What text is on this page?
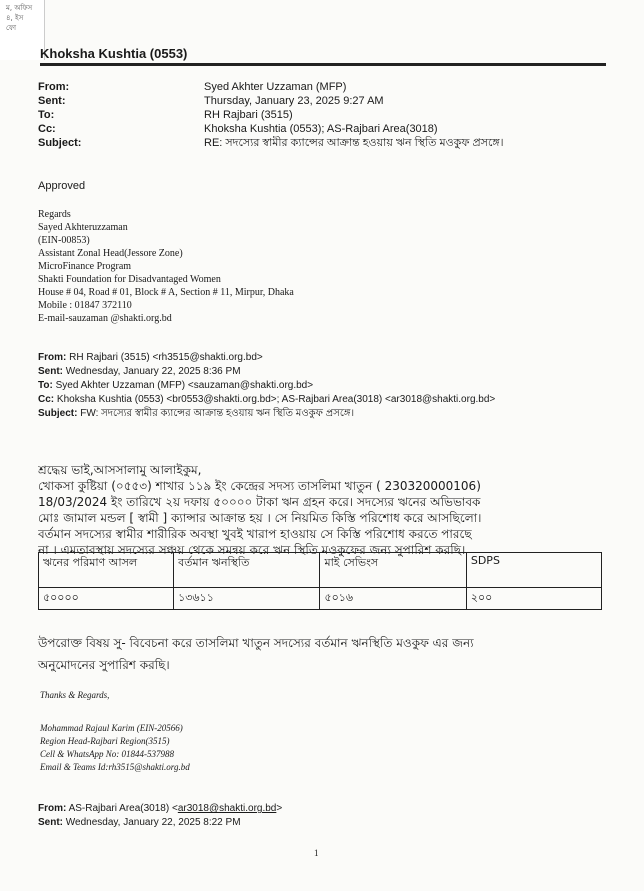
ম, অফিস
৪, ইস
ফো
Khoksha Kushtia (0553)
From:	Syed Akhter Uzzaman (MFP)
Sent:	Thursday, January 23, 2025 9:27 AM
To:	RH Rajbari (3515)
Cc:	Khoksha Kushtia (0553); AS-Rajbari Area(3018)
Subject:	RE: সদস্যের স্বামীর ক্যান্সের আক্রান্ত হওয়ায় ঋন স্থিতি মওকুফ প্রসঙ্গে।
Approved
Regards
Sayed Akhteruzzaman
(EIN-00853)
Assistant Zonal Head(Jessore Zone)
MicroFinance Program
Shakti Foundation for Disadvantaged Women
House # 04, Road # 01, Block # A, Section # 11, Mirpur, Dhaka
Mobile : 01847 372110
E-mail-sauzaman @shakti.org.bd
From: RH Rajbari (3515) <rh3515@shakti.org.bd>
Sent: Wednesday, January 22, 2025 8:36 PM
To: Syed Akhter Uzzaman (MFP) <sauzaman@shakti.org.bd>
Cc: Khoksha Kushtia (0553) <br0553@shakti.org.bd>; AS-Rajbari Area(3018) <ar3018@shakti.org.bd>
Subject: FW: সদস্যের স্বামীর ক্যান্সের আক্রান্ত হওয়ায় ঋন স্থিতি মওকুফ প্রসঙ্গে।
শ্রদ্ধেয় ভাই,আসসালামু আলাইকুম,
খোকসা কুষ্টিয়া (০৫৫৩) শাখার ১১৯ ইং কেন্দ্রের সদস্য তাসলিমা খাতুন ( 230320000106)
18/03/2024 ইং তারিখে ২য় দফায় ৫০০০০ টাকা ঋন গ্রহন করে। সদস্যের ঋনের অভিভাবক
মোঃ জামাল মন্ডল [ স্বামী ] ক্যান্সার আক্রান্ত হয় । সে নিয়মিত কিস্তি পরিশোধ করে আসছিলো।
বর্তমান সদস্যের স্বামীর শারীরিক অবস্থা খুবই খারাপ হাওয়ায় সে কিস্তি পরিশোধ করতে পারছে
না । এমতাবস্থায় সদস্যের সঞ্চয় থেকে সমন্বয় করে ঋন স্থিতি মওকুফের জন্য সুপারিশ করছি।
ঋনের পরিমাণ আসল	বর্তমান ঋনস্থিতি	মাই সেভিংস	SDPS
৫০০০০	১৩৬১১	৫০১৬	২০০
উপরোক্ত বিষয় সু- বিবেচনা করে তাসলিমা খাতুন সদস্যের বর্তমান ঋনস্থিতি মওকুফ এর জন্য
অনুমোদনের সুপারিশ করছি।
Thanks & Regards,
Mohammad Rajaul Karim (EIN-20566)
Region Head-Rajbari Region(3515)
Cell & WhatsApp No: 01844-537988
Email & Teams Id:rh3515@shakti.org.bd
From: AS-Rajbari Area(3018) <ar3018@shakti.org.bd>
Sent: Wednesday, January 22, 2025 8:22 PM
1
